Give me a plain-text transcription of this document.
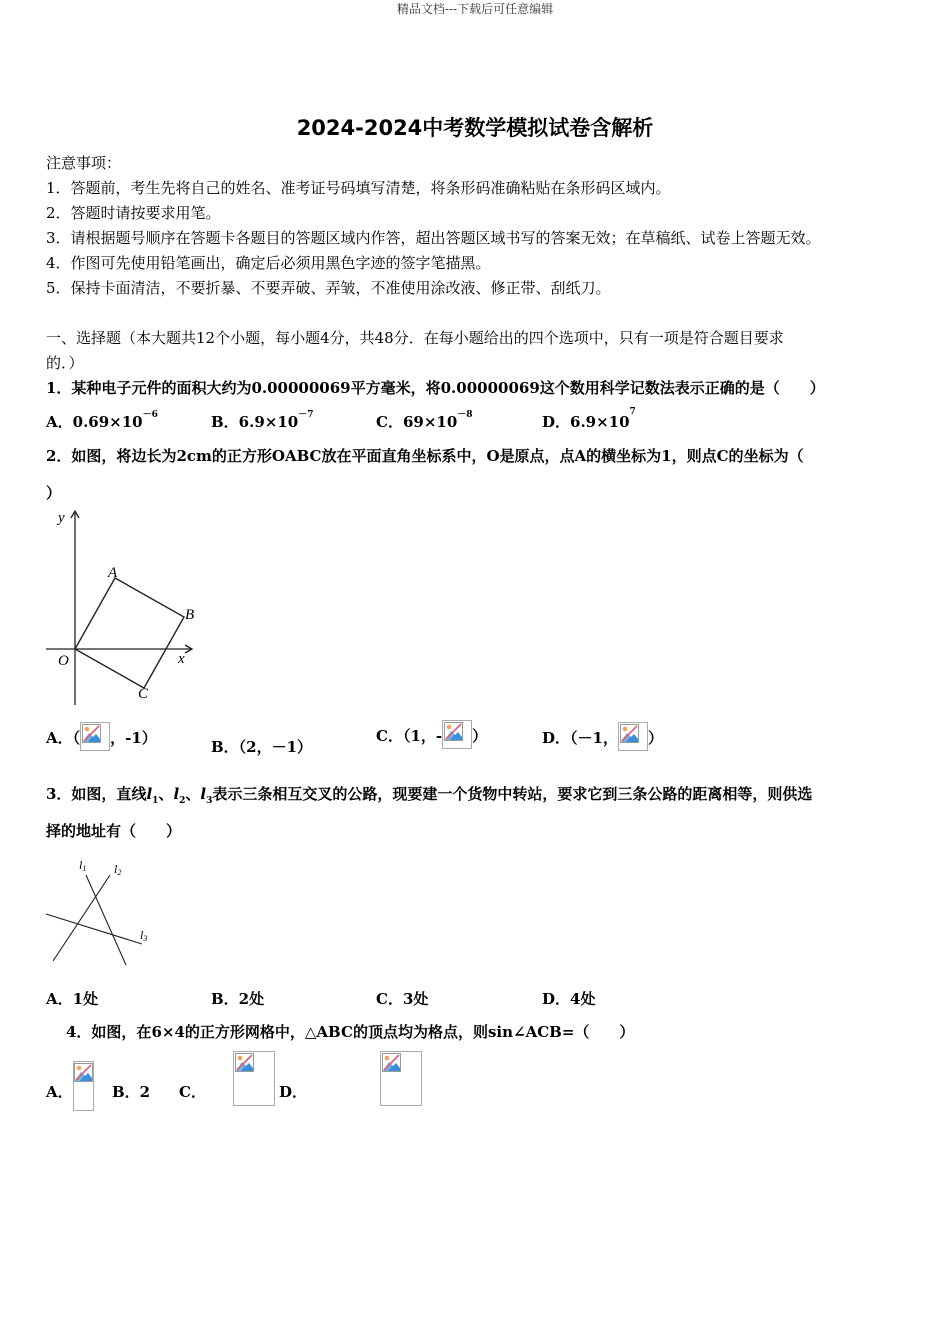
精品文档---下载后可任意编辑
2024-2024中考数学模拟试卷含解析
注意事项：
1．答题前，考生先将自己的姓名、准考证号码填写清楚，将条形码准确粘贴在条形码区域内。
2．答题时请按要求用笔。
3．请根据题号顺序在答题卡各题目的答题区域内作答，超出答题区域书写的答案无效；在草稿纸、试卷上答题无效。
4．作图可先使用铅笔画出，确定后必须用黑色字迹的签字笔描黑。
5．保持卡面清洁，不要折暴、不要弄破、弄皱，不准使用涂改液、修正带、刮纸刀。
一、选择题（本大题共12个小题，每小题4分，共48分．在每小题给出的四个选项中，只有一项是符合题目要求
的．）
1．某种电子元件的面积大约为0.00000069平方毫米，将0.00000069这个数用科学记数法表示正确的是（　　）
A．$0.69\times 10^{-6}$	B．$6.9\times 10^{-7}$	C．$69\times 10^{-8}$	D．$6.9\times 10^7$
2．如图，将边长为2cm的正方形OABC放在平面直角坐标系中，O是原点，点A的横坐标为1，则点C的坐标为（
）
y
x
O
A
B
C
A．（ ，-1）	B．（2，－1）
C．（1，- ）	D．（－1， ）
3．如图，直线$l_1$、$l_2$、$l_3$表示三条相互交叉的公路，现要建一个货物中转站，要求它到三条公路的距离相等，则供选
择的地址有（　　）
l1 l2
l3
A．1处	B．2处	C．3处	D．4处
4．如图，在6×4的正方形网格中，△ABC的顶点均为格点，则sin∠ACB=（　　）
A．
	B．2 C．
	D．
